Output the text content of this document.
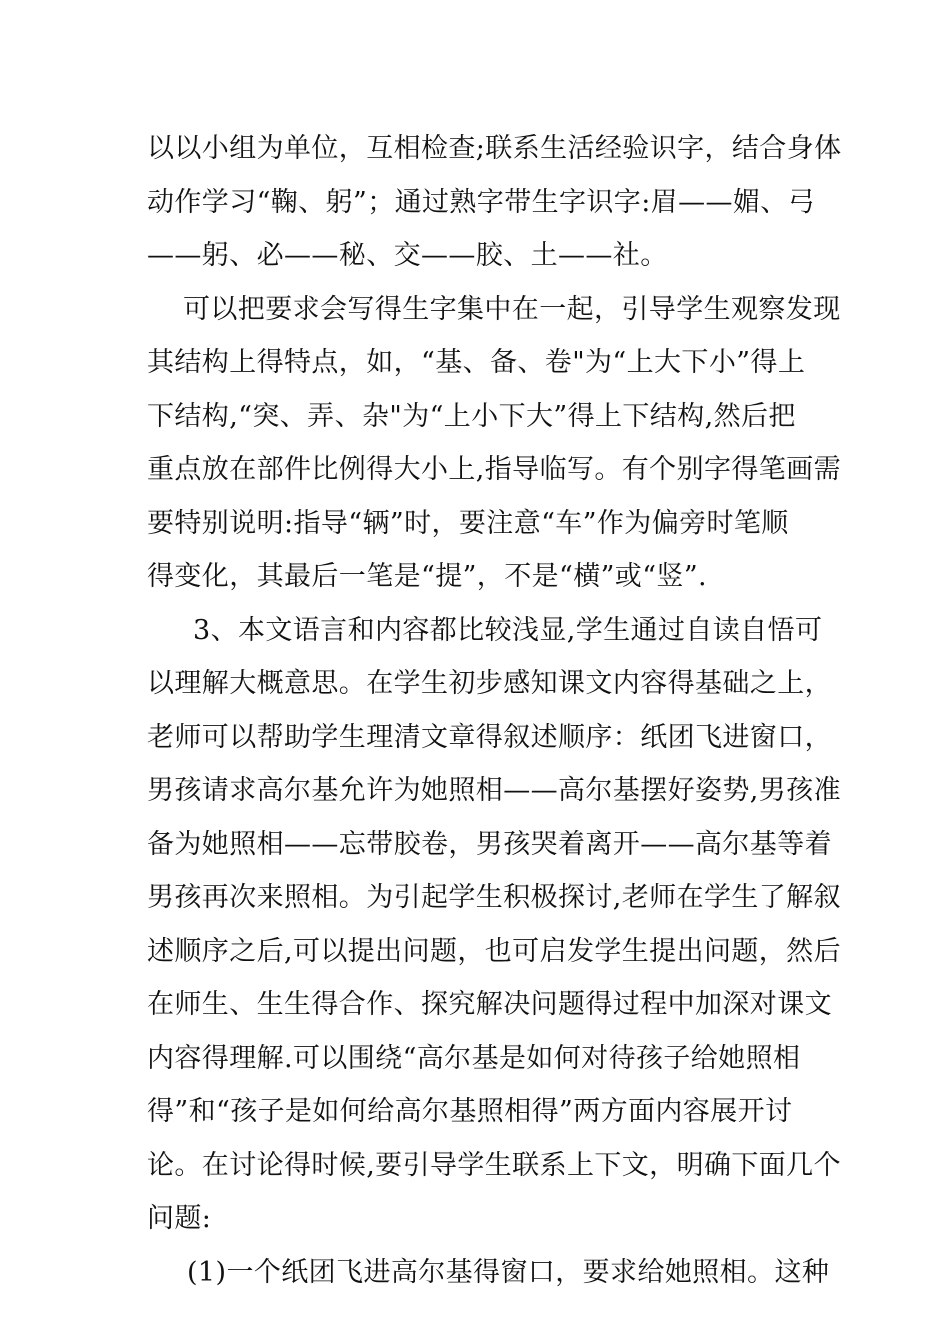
以以小组为单位，互相检查;联系生活经验识字，结合身体
动作学习“鞠、躬”；通过熟字带生字识字:眉——媚、弓
——躬、必——秘、交——胶、土——社。
可以把要求会写得生字集中在一起，引导学生观察发现
其结构上得特点，如，“基、备、卷"为“上大下小”得上
下结构,“突、弄、杂"为“上小下大”得上下结构,然后把
重点放在部件比例得大小上,指导临写。有个别字得笔画需
要特别说明:指导“辆”时，要注意“车”作为偏旁时笔顺
得变化，其最后一笔是“提”，不是“横”或“竖”.
3、本文语言和内容都比较浅显,学生通过自读自悟可
以理解大概意思。在学生初步感知课文内容得基础之上，
老师可以帮助学生理清文章得叙述顺序：纸团飞进窗口，
男孩请求高尔基允许为她照相——高尔基摆好姿势,男孩准
备为她照相——忘带胶卷，男孩哭着离开——高尔基等着
男孩再次来照相。为引起学生积极探讨,老师在学生了解叙
述顺序之后,可以提出问题，也可启发学生提出问题，然后
在师生、生生得合作、探究解决问题得过程中加深对课文
内容得理解.可以围绕“高尔基是如何对待孩子给她照相
得”和“孩子是如何给高尔基照相得”两方面内容展开讨
论。在讨论得时候,要引导学生联系上下文，明确下面几个
问题:
(1)一个纸团飞进高尔基得窗口，要求给她照相。这种
